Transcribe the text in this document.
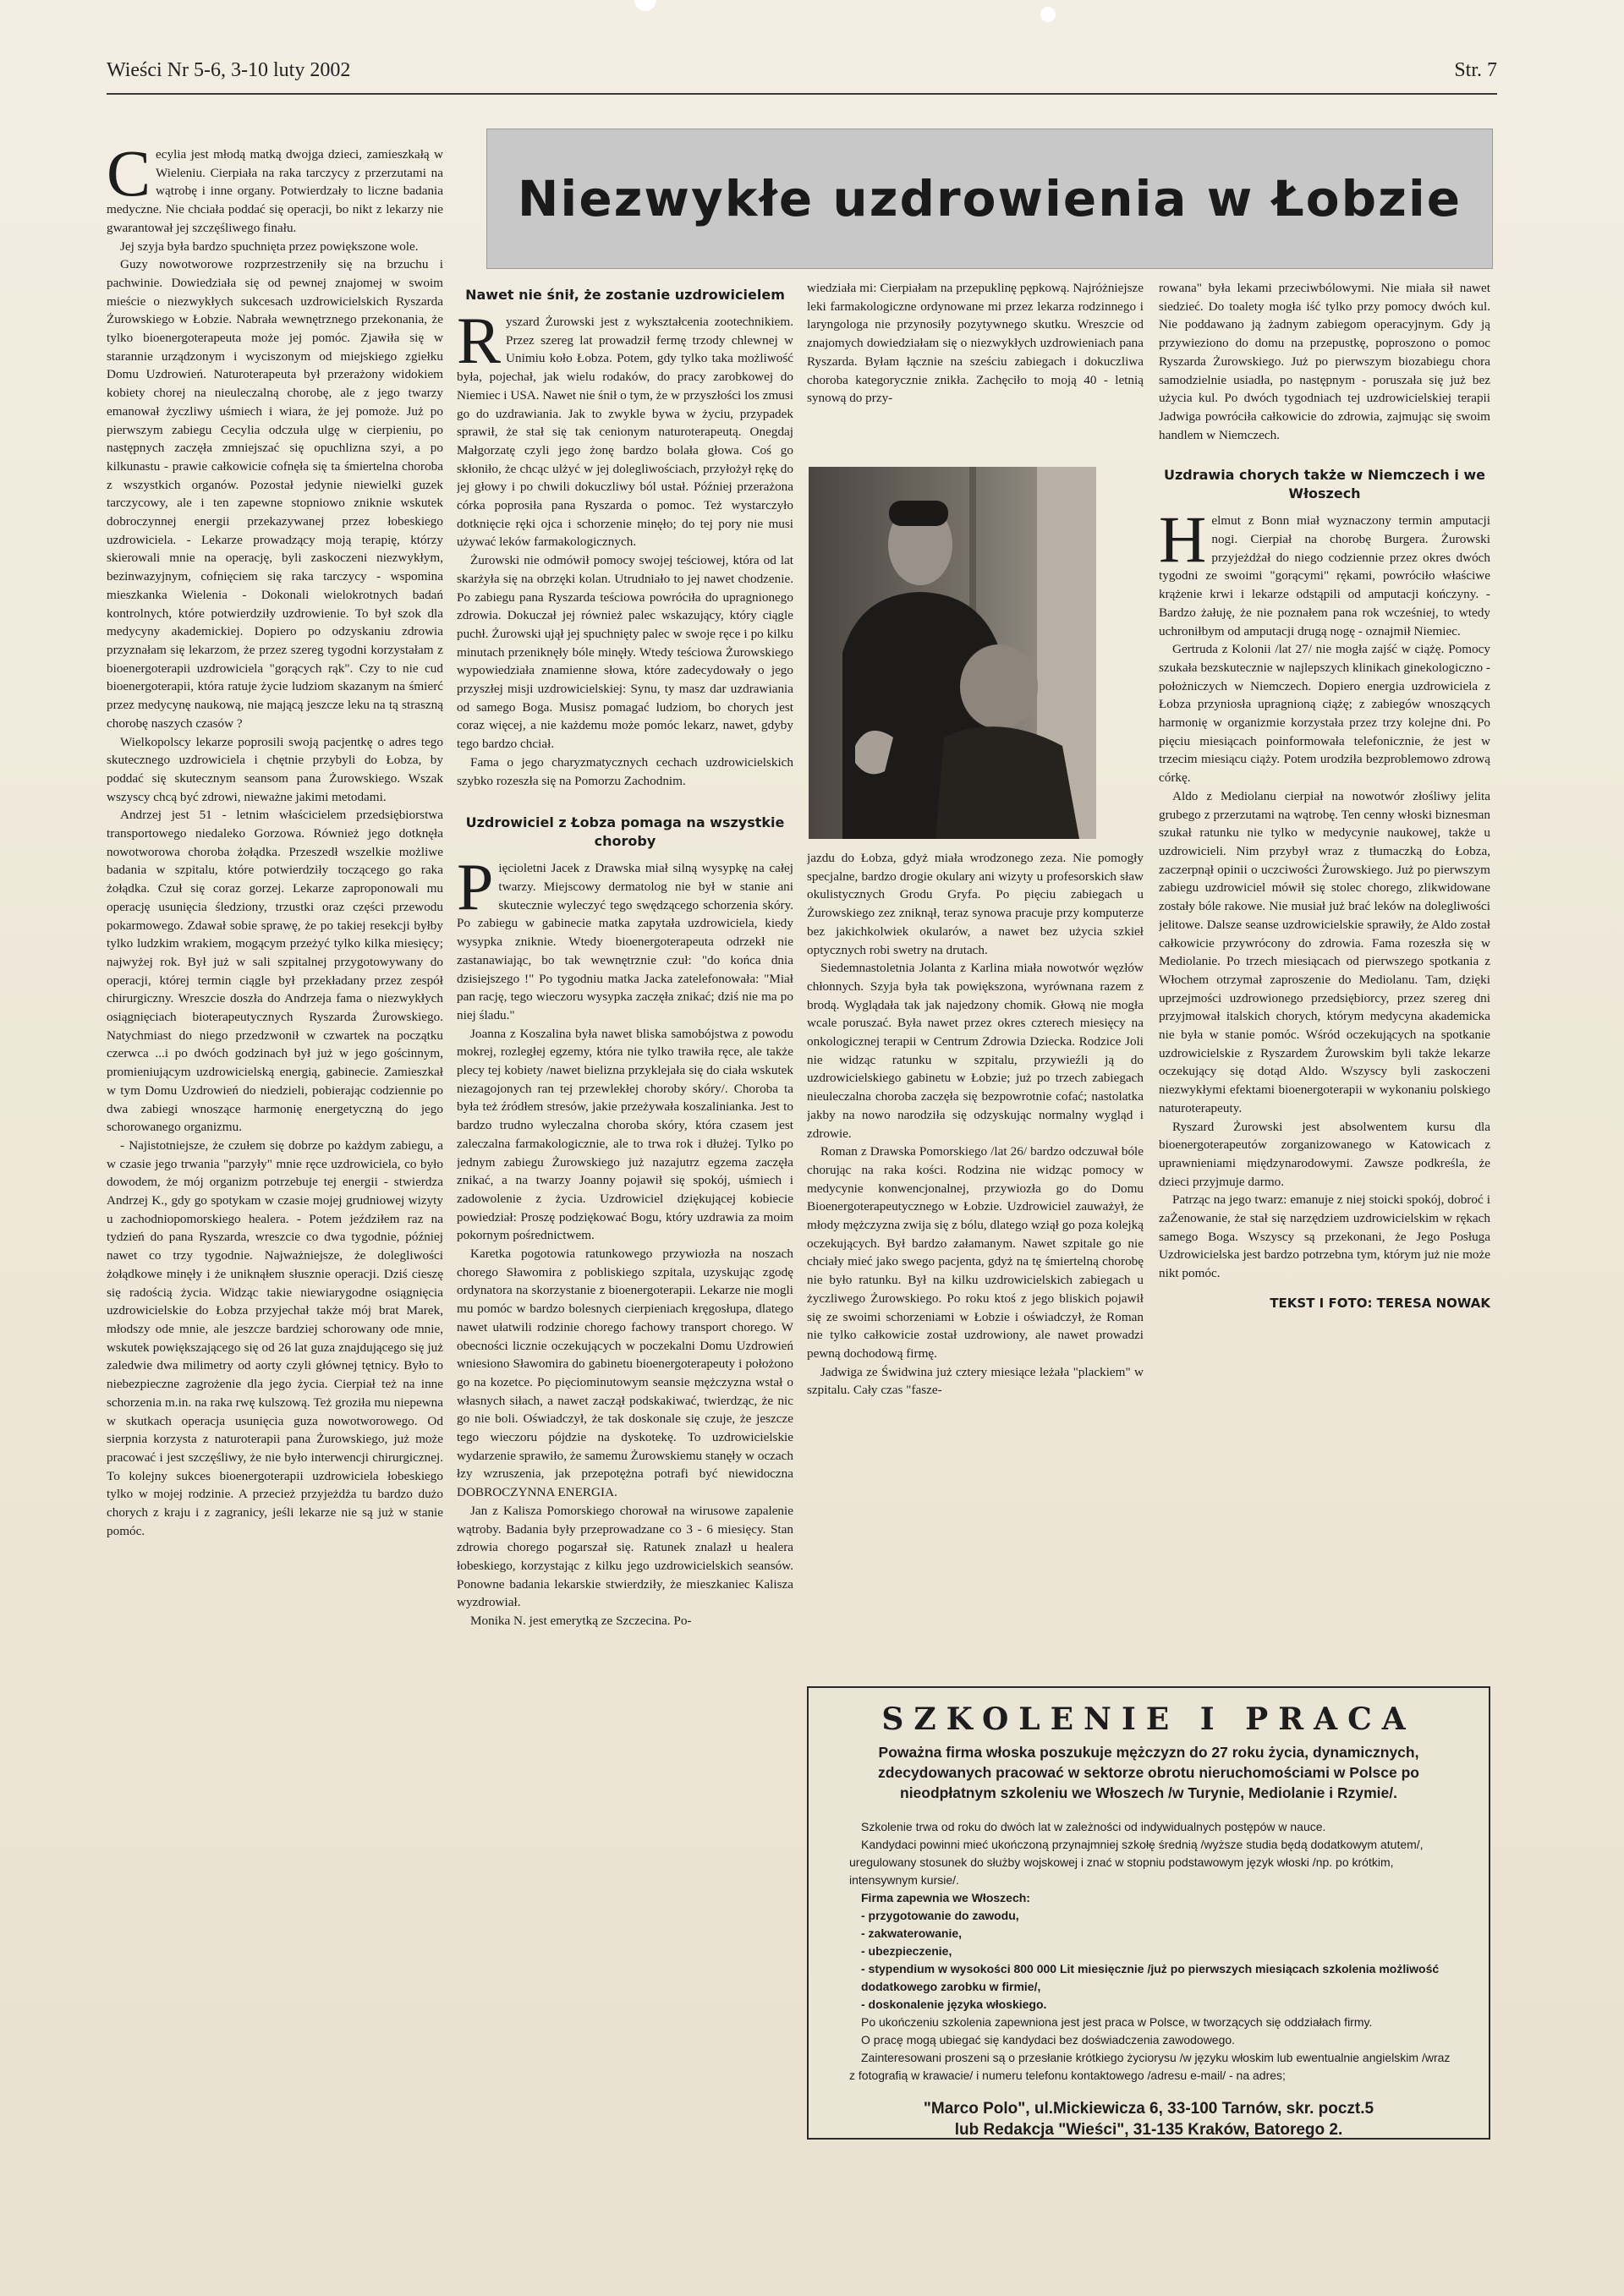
Wieści Nr 5-6, 3-10 luty 2002	Str. 7
Niezwykłe uzdrowienia w Łobzie

Cecylia jest młodą matką dwojga dzieci, zamieszkałą w Wieleniu. Cierpiała na raka tarczycy z przerzutami na wątrobę i inne organy. Potwierdzały to liczne badania medyczne. Nie chciała poddać się operacji, bo nikt z lekarzy nie gwarantował jej szczęśliwego finału.

Jej szyja była bardzo spuchnięta przez powiększone wole.

Guzy nowotworowe rozprzestrzeniły się na brzuchu i pachwinie. Dowiedziała się od pewnej znajomej w swoim mieście o niezwykłych sukcesach uzdrowicielskich Ryszarda Żurowskiego w Łobzie. Nabrała wewnętrznego przekonania, że tylko bioenergoterapeuta może jej pomóc. Zjawiła się w starannie urządzonym i wyciszonym od miejskiego zgiełku Domu Uzdrowień. Naturoterapeuta był przerażony widokiem kobiety chorej na nieuleczalną chorobę, ale z jego twarzy emanował życzliwy uśmiech i wiara, że jej pomoże. Już po pierwszym zabiegu Cecylia odczuła ulgę w cierpieniu, po następnych zaczęła zmniejszać się opuchlizna szyi, a po kilkunastu - prawie całkowicie cofnęła się ta śmiertelna choroba z wszystkich organów. Pozostał jedynie niewielki guzek tarczycowy, ale i ten zapewne stopniowo zniknie wskutek dobroczynnej energii przekazywanej przez łobeskiego uzdrowiciela. - Lekarze prowadzący moją terapię, którzy skierowali mnie na operację, byli zaskoczeni niezwykłym, bezinwazyjnym, cofnięciem się raka tarczycy - wspomina mieszkanka Wielenia - Dokonali wielokrotnych badań kontrolnych, które potwierdziły uzdrowienie. To był szok dla medycyny akademickiej. Dopiero po odzyskaniu zdrowia przyznałam się lekarzom, że przez szereg tygodni korzystałam z bioenergoterapii uzdrowiciela "gorących rąk". Czy to nie cud bioenergoterapii, która ratuje życie ludziom skazanym na śmierć przez medycynę naukową, nie mającą jeszcze leku na tą straszną chorobę naszych czasów ?

Wielkopolscy lekarze poprosili swoją pacjentkę o adres tego skutecznego uzdrowiciela i chętnie przybyli do Łobza, by poddać się skutecznym seansom pana Żurowskiego. Wszak wszyscy chcą być zdrowi, nieważne jakimi metodami.

Andrzej jest 51 - letnim właścicielem przedsiębiorstwa transportowego niedaleko Gorzowa. Również jego dotknęła nowotworowa choroba żołądka. Przeszedł wszelkie możliwe badania w szpitalu, które potwierdziły toczącego go raka żołądka. Czuł się coraz gorzej. Lekarze zaproponowali mu operację usunięcia śledziony, trzustki oraz części przewodu pokarmowego. Zdawał sobie sprawę, że po takiej resekcji byłby tylko ludzkim wrakiem, mogącym przeżyć tylko kilka miesięcy; najwyżej rok. Był już w sali szpitalnej przygotowywany do operacji, której termin ciągle był przekładany przez zespół chirurgiczny. Wreszcie doszła do Andrzeja fama o niezwykłych osiągnięciach bioterapeutycznych Ryszarda Żurowskiego. Natychmiast do niego przedzwonił w czwartek na początku czerwca ...i po dwóch godzinach był już w jego gościnnym, promieniującym uzdrowicielską energią, gabinecie. Zamieszkał w tym Domu Uzdrowień do niedzieli, pobierając codziennie po dwa zabiegi wnoszące harmonię energetyczną do jego schorowanego organizmu.

- Najistotniejsze, że czułem się dobrze po każdym zabiegu, a w czasie jego trwania "parzyły" mnie ręce uzdrowiciela, co było dowodem, że mój organizm potrzebuje tej energii - stwierdza Andrzej K., gdy go spotykam w czasie mojej grudniowej wizyty u zachodniopomorskiego healera. - Potem jeździłem raz na tydzień do pana Ryszarda, wreszcie co dwa tygodnie, później nawet co trzy tygodnie. Najważniejsze, że dolegliwości żołądkowe minęły i że uniknąłem słusznie operacji. Dziś cieszę się radością życia. Widząc takie niewiarygodne osiągnięcia uzdrowicielskie do Łobza przyjechał także mój brat Marek, młodszy ode mnie, ale jeszcze bardziej schorowany ode mnie, wskutek powiększającego się od 26 lat guza znajdującego się już zaledwie dwa milimetry od aorty czyli głównej tętnicy. Było to niebezpieczne zagrożenie dla jego życia. Cierpiał też na inne schorzenia m.in. na raka rwę kulszową. Też groziła mu niepewna w skutkach operacja usunięcia guza nowotworowego. Od sierpnia korzysta z naturoterapii pana Żurowskiego, już może pracować i jest szczęśliwy, że nie było interwencji chirurgicznej. To kolejny sukces bioenergoterapii uzdrowiciela łobeskiego tylko w mojej rodzinie. A przecież przyjeżdża tu bardzo dużo chorych z kraju i z zagranicy, jeśli lekarze nie są już w stanie pomóc.

Nawet nie śnił, że zostanie uzdrowicielem

Ryszard Żurowski jest z wykształcenia zootechnikiem. Przez szereg lat prowadził fermę trzody chlewnej w Unimiu koło Łobza. Potem, gdy tylko taka możliwość była, pojechał, jak wielu rodaków, do pracy zarobkowej do Niemiec i USA. Nawet nie śnił o tym, że w przyszłości los zmusi go do uzdrawiania. Jak to zwykle bywa w życiu, przypadek sprawił, że stał się tak cenionym naturoterapeutą. Onegdaj Małgorzatę czyli jego żonę bardzo bolała głowa. Coś go skłoniło, że chcąc ulżyć w jej dolegliwościach, przyłożył rękę do jej głowy i po chwili dokuczliwy ból ustał. Później przerażona córka poprosiła pana Ryszarda o pomoc. Też wystarczyło dotknięcie ręki ojca i schorzenie minęło; do tej pory nie musi używać leków farmakologicznych.

Żurowski nie odmówił pomocy swojej teściowej, która od lat skarżyła się na obrzęki kolan. Utrudniało to jej nawet chodzenie. Po zabiegu pana Ryszarda teściowa powróciła do upragnionego zdrowia. Dokuczał jej również palec wskazujący, który ciągle puchł. Żurowski ujął jej spuchnięty palec w swoje ręce i po kilku minutach przeniknęły bóle minęły. Wtedy teściowa Żurowskiego wypowiedziała znamienne słowa, które zadecydowały o jego przyszłej misji uzdrowicielskiej: Synu, ty masz dar uzdrawiania od samego Boga. Musisz pomagać ludziom, bo chorych jest coraz więcej, a nie każdemu może pomóc lekarz, nawet, gdyby tego bardzo chciał.

Fama o jego charyzmatycznych cechach uzdrowicielskich szybko rozeszła się na Pomorzu Zachodnim.

Uzdrowiciel z Łobza pomaga na wszystkie choroby

Pięcioletni Jacek z Drawska miał silną wysypkę na całej twarzy. Miejscowy dermatolog nie był w stanie ani skutecznie wyleczyć tego swędzącego schorzenia skóry. Po zabiegu w gabinecie matka zapytała uzdrowiciela, kiedy wysypka zniknie. Wtedy bioenergoterapeuta odrzekł nie zastanawiając, bo tak wewnętrznie czuł: "do końca dnia dzisiejszego !" Po tygodniu matka Jacka zatelefonowała: "Miał pan rację, tego wieczoru wysypka zaczęła znikać; dziś nie ma po niej śladu."

Joanna z Koszalina była nawet bliska samobójstwa z powodu mokrej, rozległej egzemy, która nie tylko trawiła ręce, ale także plecy tej kobiety /nawet bielizna przyklejała się do ciała wskutek niezagojonych ran tej przewlekłej choroby skóry/. Choroba ta była też źródłem stresów, jakie przeżywała koszalinianka. Jest to bardzo trudno wyleczalna choroba skóry, która czasem jest zaleczalna farmakologicznie, ale to trwa rok i dłużej. Tylko po jednym zabiegu Żurowskiego już nazajutrz egzema zaczęła znikać, a na twarzy Joanny pojawił się spokój, uśmiech i zadowolenie z życia. Uzdrowiciel dziękującej kobiecie powiedział: Proszę podziękować Bogu, który uzdrawia za moim pokornym pośrednictwem.

Karetka pogotowia ratunkowego przywiozła na noszach chorego Sławomira z pobliskiego szpitala, uzyskując zgodę ordynatora na skorzystanie z bioenergoterapii. Lekarze nie mogli mu pomóc w bardzo bolesnych cierpieniach kręgosłupa, dlatego nawet ułatwili rodzinie chorego fachowy transport chorego. W obecności licznie oczekujących w poczekalni Domu Uzdrowień wniesiono Sławomira do gabinetu bioenergoterapeuty i położono go na kozetce. Po pięciominutowym seansie mężczyzna wstał o własnych siłach, a nawet zaczął podskakiwać, twierdząc, że nic go nie boli. Oświadczył, że tak doskonale się czuje, że jeszcze tego wieczoru pójdzie na dyskotekę. To uzdrowicielskie wydarzenie sprawiło, że samemu Żurowskiemu stanęły w oczach łzy wzruszenia, jak przepotężna potrafi być niewidoczna DOBROCZYNNA ENERGIA.

Jan z Kalisza Pomorskiego chorował na wirusowe zapalenie wątroby. Badania były przeprowadzane co 3 - 6 miesięcy. Stan zdrowia chorego pogarszał się. Ratunek znalazł u healera łobeskiego, korzystając z kilku jego uzdrowicielskich seansów. Ponowne badania lekarskie stwierdziły, że mieszkaniec Kalisza wyzdrowiał.

Monika N. jest emerytką ze Szczecina. Po-

wiedziała mi: Cierpiałam na przepuklinę pępkową. Najróżniejsze leki farmakologiczne ordynowane mi przez lekarza rodzinnego i laryngologa nie przynosiły pozytywnego skutku. Wreszcie od znajomych dowiedziałam się o niezwykłych uzdrowieniach pana Ryszarda. Byłam łącznie na sześciu zabiegach i dokuczliwa choroba kategorycznie znikła. Zachęciło to moją 40 - letnią synową do przy-

jazdu do Łobza, gdyż miała wrodzonego zeza. Nie pomogły specjalne, bardzo drogie okulary ani wizyty u profesorskich sław okulistycznych Grodu Gryfa. Po pięciu zabiegach u Żurowskiego zez zniknął, teraz synowa pracuje przy komputerze bez jakichkolwiek okularów, a nawet bez użycia szkieł optycznych robi swetry na drutach.

Siedemnastoletnia Jolanta z Karlina miała nowotwór węzłów chłonnych. Szyja była tak powiększona, wyrównana razem z brodą. Wyglądała tak jak najedzony chomik. Głową nie mogła wcale poruszać. Była nawet przez okres czterech miesięcy na onkologicznej terapii w Centrum Zdrowia Dziecka. Rodzice Joli nie widząc ratunku w szpitalu, przywieźli ją do uzdrowicielskiego gabinetu w Łobzie; już po trzech zabiegach nieuleczalna choroba zaczęła się bezpowrotnie cofać; nastolatka jakby na nowo narodziła się odzyskując normalny wygląd i zdrowie.

Roman z Drawska Pomorskiego /lat 26/ bardzo odczuwał bóle chorując na raka kości. Rodzina nie widząc pomocy w medycynie konwencjonalnej, przywiozła go do Domu Bioenergoterapeutycznego w Łobzie. Uzdrowiciel zauważył, że młody mężczyzna zwija się z bólu, dlatego wziął go poza kolejką oczekujących. Był bardzo załamanym. Nawet szpitale go nie chciały mieć jako swego pacjenta, gdyż na tę śmiertelną chorobę nie było ratunku. Był na kilku uzdrowicielskich zabiegach u życzliwego Żurowskiego. Po roku ktoś z jego bliskich pojawił się ze swoimi schorzeniami w Łobzie i oświadczył, że Roman nie tylko całkowicie został uzdrowiony, ale nawet prowadzi pewną dochodową firmę.

Jadwiga ze Świdwina już cztery miesiące leżała "plackiem" w szpitalu. Cały czas "fasze-

rowana" była lekami przeciwbólowymi. Nie miała sił nawet siedzieć. Do toalety mogła iść tylko przy pomocy dwóch kul. Nie poddawano ją żadnym zabiegom operacyjnym. Gdy ją przywieziono do domu na przepustkę, poproszono o pomoc Ryszarda Żurowskiego. Już po pierwszym biozabiegu chora samodzielnie usiadła, po następnym - poruszała się już bez użycia kul. Po dwóch tygodniach tej uzdrowicielskiej terapii Jadwiga powróciła całkowicie do zdrowia, zajmując się swoim handlem w Niemczech.

Uzdrawia chorych także w Niemczech i we Włoszech

Helmut z Bonn miał wyznaczony termin amputacji nogi. Cierpiał na chorobę Burgera. Żurowski przyjeżdżał do niego codziennie przez okres dwóch tygodni ze swoimi "gorącymi" rękami, powróciło właściwe krążenie krwi i lekarze odstąpili od amputacji kończyny. - Bardzo żałuję, że nie poznałem pana rok wcześniej, to wtedy uchroniłbym od amputacji drugą nogę - oznajmił Niemiec.

Gertruda z Kolonii /lat 27/ nie mogła zajść w ciążę. Pomocy szukała bezskutecznie w najlepszych klinikach ginekologiczno - położniczych w Niemczech. Dopiero energia uzdrowiciela z Łobza przyniosła upragnioną ciążę; z zabiegów wnoszących harmonię w organizmie korzystała przez trzy kolejne dni. Po pięciu miesiącach poinformowała telefonicznie, że jest w trzecim miesiącu ciąży. Potem urodziła bezproblemowo zdrową córkę.

Aldo z Mediolanu cierpiał na nowotwór złośliwy jelita grubego z przerzutami na wątrobę. Ten cenny włoski biznesman szukał ratunku nie tylko w medycynie naukowej, także u uzdrowicieli. Nim przybył wraz z tłumaczką do Łobza, zaczerpnął opinii o uczciwości Żurowskiego. Już po pierwszym zabiegu uzdrowiciel mówił się stolec chorego, zlikwidowane zostały bóle rakowe. Nie musiał już brać leków na dolegliwości jelitowe. Dalsze seanse uzdrowicielskie sprawiły, że Aldo został całkowicie przywrócony do zdrowia. Fama rozeszła się w Mediolanie. Po trzech miesiącach od pierwszego spotkania z Włochem otrzymał zaproszenie do Mediolanu. Tam, dzięki uprzejmości uzdrowionego przedsiębiorcy, przez szereg dni przyjmował italskich chorych, którym medycyna akademicka nie była w stanie pomóc. Wśród oczekujących na spotkanie uzdrowicielskie z Ryszardem Żurowskim byli także lekarze oczekujący się dotąd Aldo. Wszyscy byli zaskoczeni niezwykłymi efektami bioenergoterapii w wykonaniu polskiego naturoterapeuty.

Ryszard Żurowski jest absolwentem kursu dla bioenergoterapeutów zorganizowanego w Katowicach z uprawnieniami międzynarodowymi. Zawsze podkreśla, że dzieci przyjmuje darmo.

Patrząc na jego twarz: emanuje z niej stoicki spokój, dobroć i zaŻenowanie, że stał się narzędziem uzdrowicielskim w rękach samego Boga. Wszyscy są przekonani, że Jego Posługa Uzdrowicielska jest bardzo potrzebna tym, którym już nie może nikt pomóc.

TEKST I FOTO: TERESA NOWAK

SZKOLENIE I PRACA
Poważna firma włoska poszukuje mężczyzn do 27 roku życia, dynamicznych, zdecydowanych pracować w sektorze obrotu nieruchomościami w Polsce po nieodpłatnym szkoleniu we Włoszech /w Turynie, Mediolanie i Rzymie/.

Szkolenie trwa od roku do dwóch lat w zależności od indywidualnych postępów w nauce.

Kandydaci powinni mieć ukończoną przynajmniej szkołę średnią /wyższe studia będą dodatkowym atutem/, uregulowany stosunek do służby wojskowej i znać w stopniu podstawowym język włoski /np. po krótkim, intensywnym kursie/.

Firma zapewnia we Włoszech:

- przygotowanie do zawodu,

- zakwaterowanie,

- ubezpieczenie,

- stypendium w wysokości 800 000 Lit miesięcznie /już po pierwszych miesiącach szkolenia możliwość dodatkowego zarobku w firmie/,

- doskonalenie języka włoskiego.

Po ukończeniu szkolenia zapewniona jest jest praca w Polsce, w tworzących się oddziałach firmy.

O pracę mogą ubiegać się kandydaci bez doświadczenia zawodowego.

Zainteresowani proszeni są o przesłanie krótkiego życiorysu /w języku włoskim lub ewentualnie angielskim /wraz z fotografią w krawacie/ i numeru telefonu kontaktowego /adresu e-mail/ - na adres;

"Marco Polo", ul.Mickiewicza 6, 33-100 Tarnów, skr. poczt.5
lub Redakcja "Wieści", 31-135 Kraków, Batorego 2.
